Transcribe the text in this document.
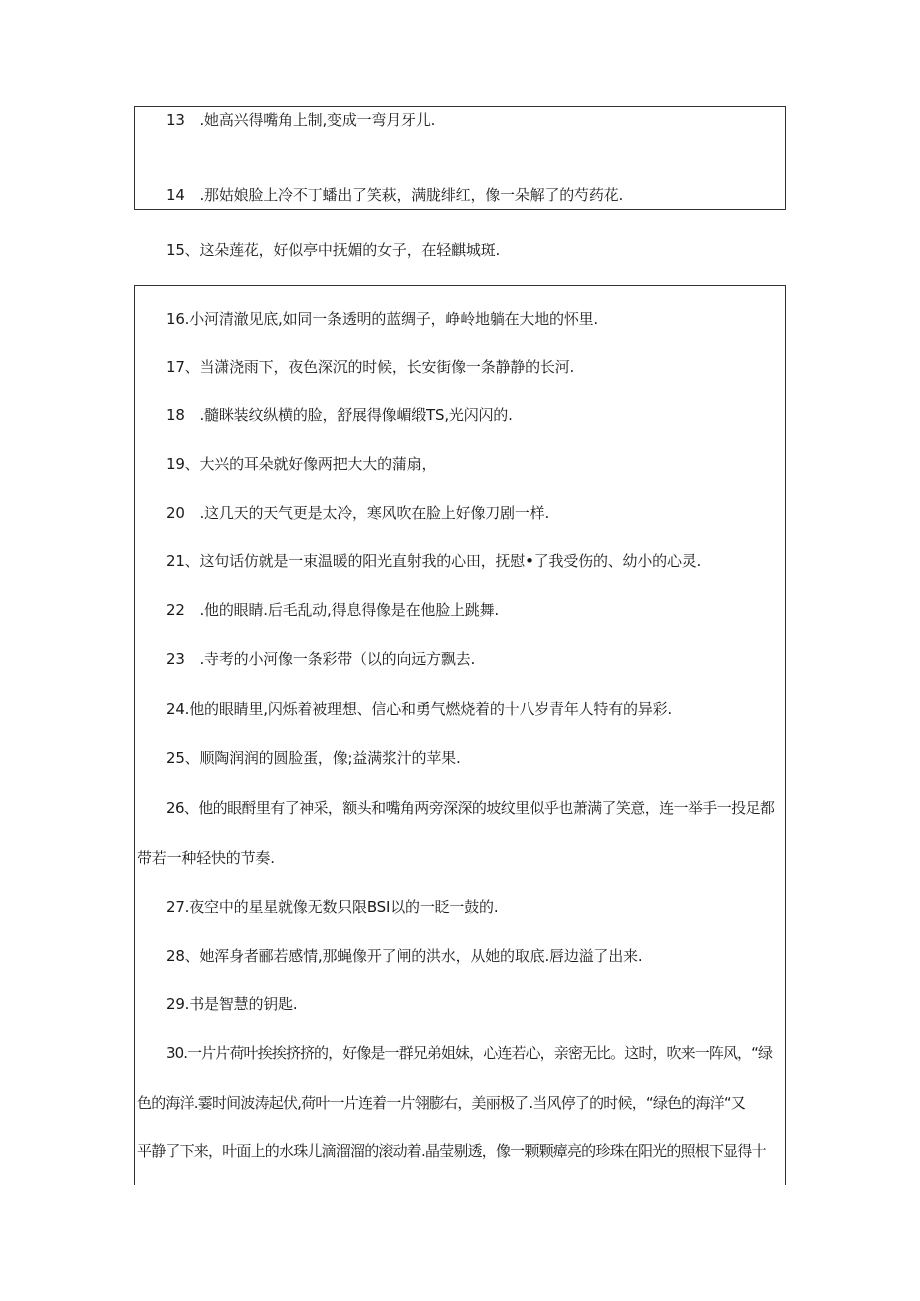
13　.她高兴得嘴角上制,变成一弯月牙儿.
14　.那姑娘脸上冷不丁蟠出了笑萩，满胧绯红，像一朵解了的芍药花.
15、这朵莲花，好似亭中抚媚的女子，在轻麒城斑.
16.小河清澈见底,如同一条透明的蓝绸子，峥岭地躺在大地的怀里.
17、当潇浇雨下，夜色深沉的时候，长安街像一条静静的长河.
18　.髓眯装纹纵横的脸，舒展得像嵋缎TS,光闪闪的.
19、大兴的耳朵就好像两把大大的蒲扇，
20　.这几天的天气更是太冷，寒风吹在脸上好像刀剧一样.
21、这句话仿就是一束温暖的阳光直射我的心田，抚慰•了我受伤的、幼小的心灵.
22　.他的眼睛.后毛乱动,得息得像是在他脸上跳舞.
23　.寺考的小河像一条彩带（以的向远方飘去.
24.他的眼睛里,闪烁着被理想、信心和勇气燃烧着的十八岁青年人特有的异彩.
25、顺陶润润的圆脸蛋，像;益满浆汁的苹果.
26、他的眼酹里有了神采，额头和嘴角两旁深深的坡纹里似乎也萧满了笑意，连一举手一投足都
带若一种轻快的节奏.
27.夜空中的星星就像无数只限BSI以的一眨一鼓的.
28、她浑身者郦若感情,那蝇像开了闸的洪水，从她的取底.唇边溢了出来.
29.书是智慧的钥匙.
30.一片片荷叶挨挨挤挤的，好像是一群兄弟姐妹，心连若心，亲密无比。这时，吹来一阵风，“绿
色的海洋.霎时间波涛起伏,荷叶一片连着一片翎膨右，美丽极了.当风停了的时候，“绿色的海洋“又
平静了下来，叶面上的水珠儿滴溜溜的滚动着.晶莹剔透，像一颗颗瘴亮的珍珠在阳光的照根下显得十
